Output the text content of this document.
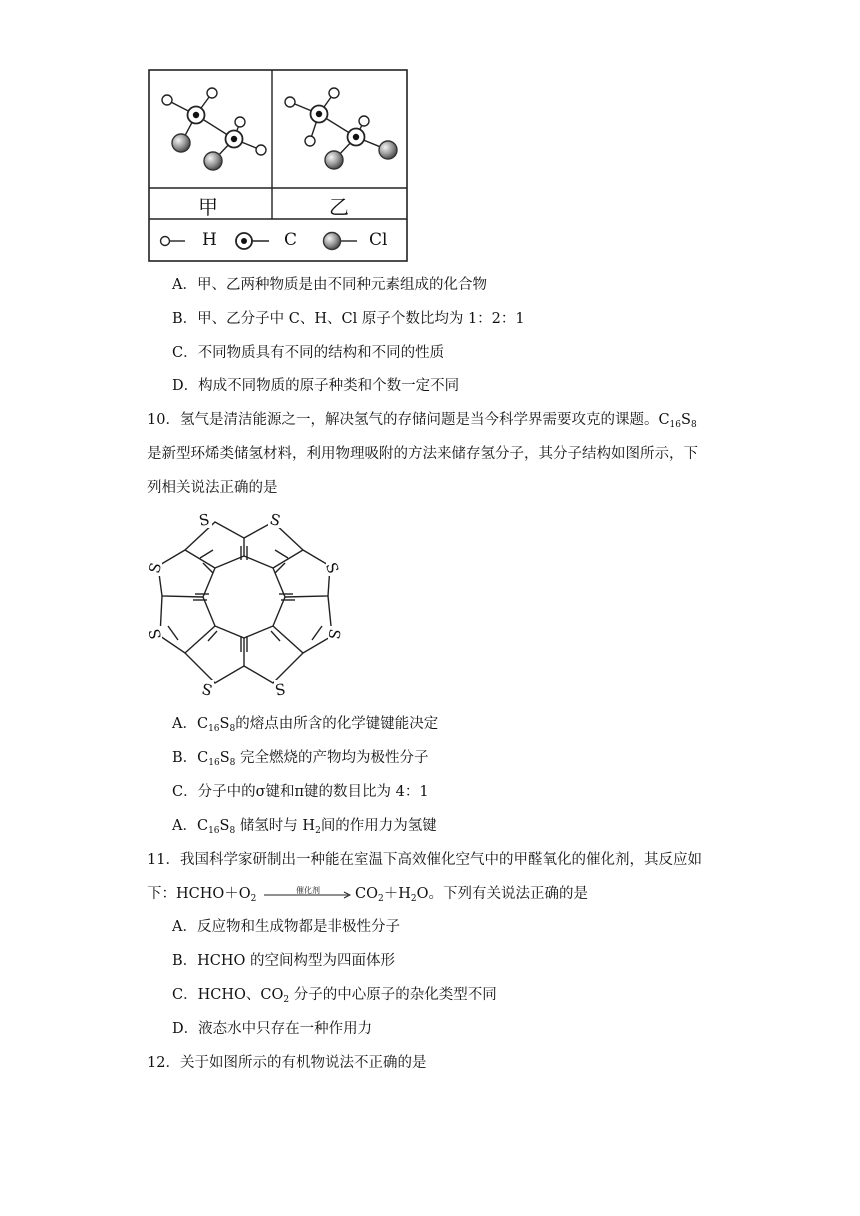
甲	乙
H	C	Cl
A．甲、乙两种物质是由不同种元素组成的化合物
B．甲、乙分子中 C、H、Cl 原子个数比均为 1：2：1
C．不同物质具有不同的结构和不同的性质
D．构成不同物质的原子种类和个数一定不同
10．氢气是清洁能源之一，解决氢气的存储问题是当今科学界需要攻克的课题。$C_{16}S_8$
是新型环烯类储氢材料，利用物理吸附的方法来储存氢分子，其分子结构如图所示，下
列相关说法正确的是
S	S
S	S
S	S
S	S
A．$C_{16}S_8$的熔点由所含的化学键键能决定
B．$C_{16}S_8$ 完全燃烧的产物均为极性分子
C．分子中的σ键和π键的数目比为 4：1
A．$C_{16}S_8$ 储氢时与 $H_2$间的作用力为氢键
11．我国科学家研制出一种能在室温下高效催化空气中的甲醛氧化的催化剂，其反应如
下：$HCHO+O_2$
催化剂	$CO_2+H_2O$。下列有关说法正确的是
A．反应物和生成物都是非极性分子
B．HCHO 的空间构型为四面体形
C．HCHO、$CO_2$ 分子的中心原子的杂化类型不同
D．液态水中只存在一种作用力
12．关于如图所示的有机物说法不正确的是
